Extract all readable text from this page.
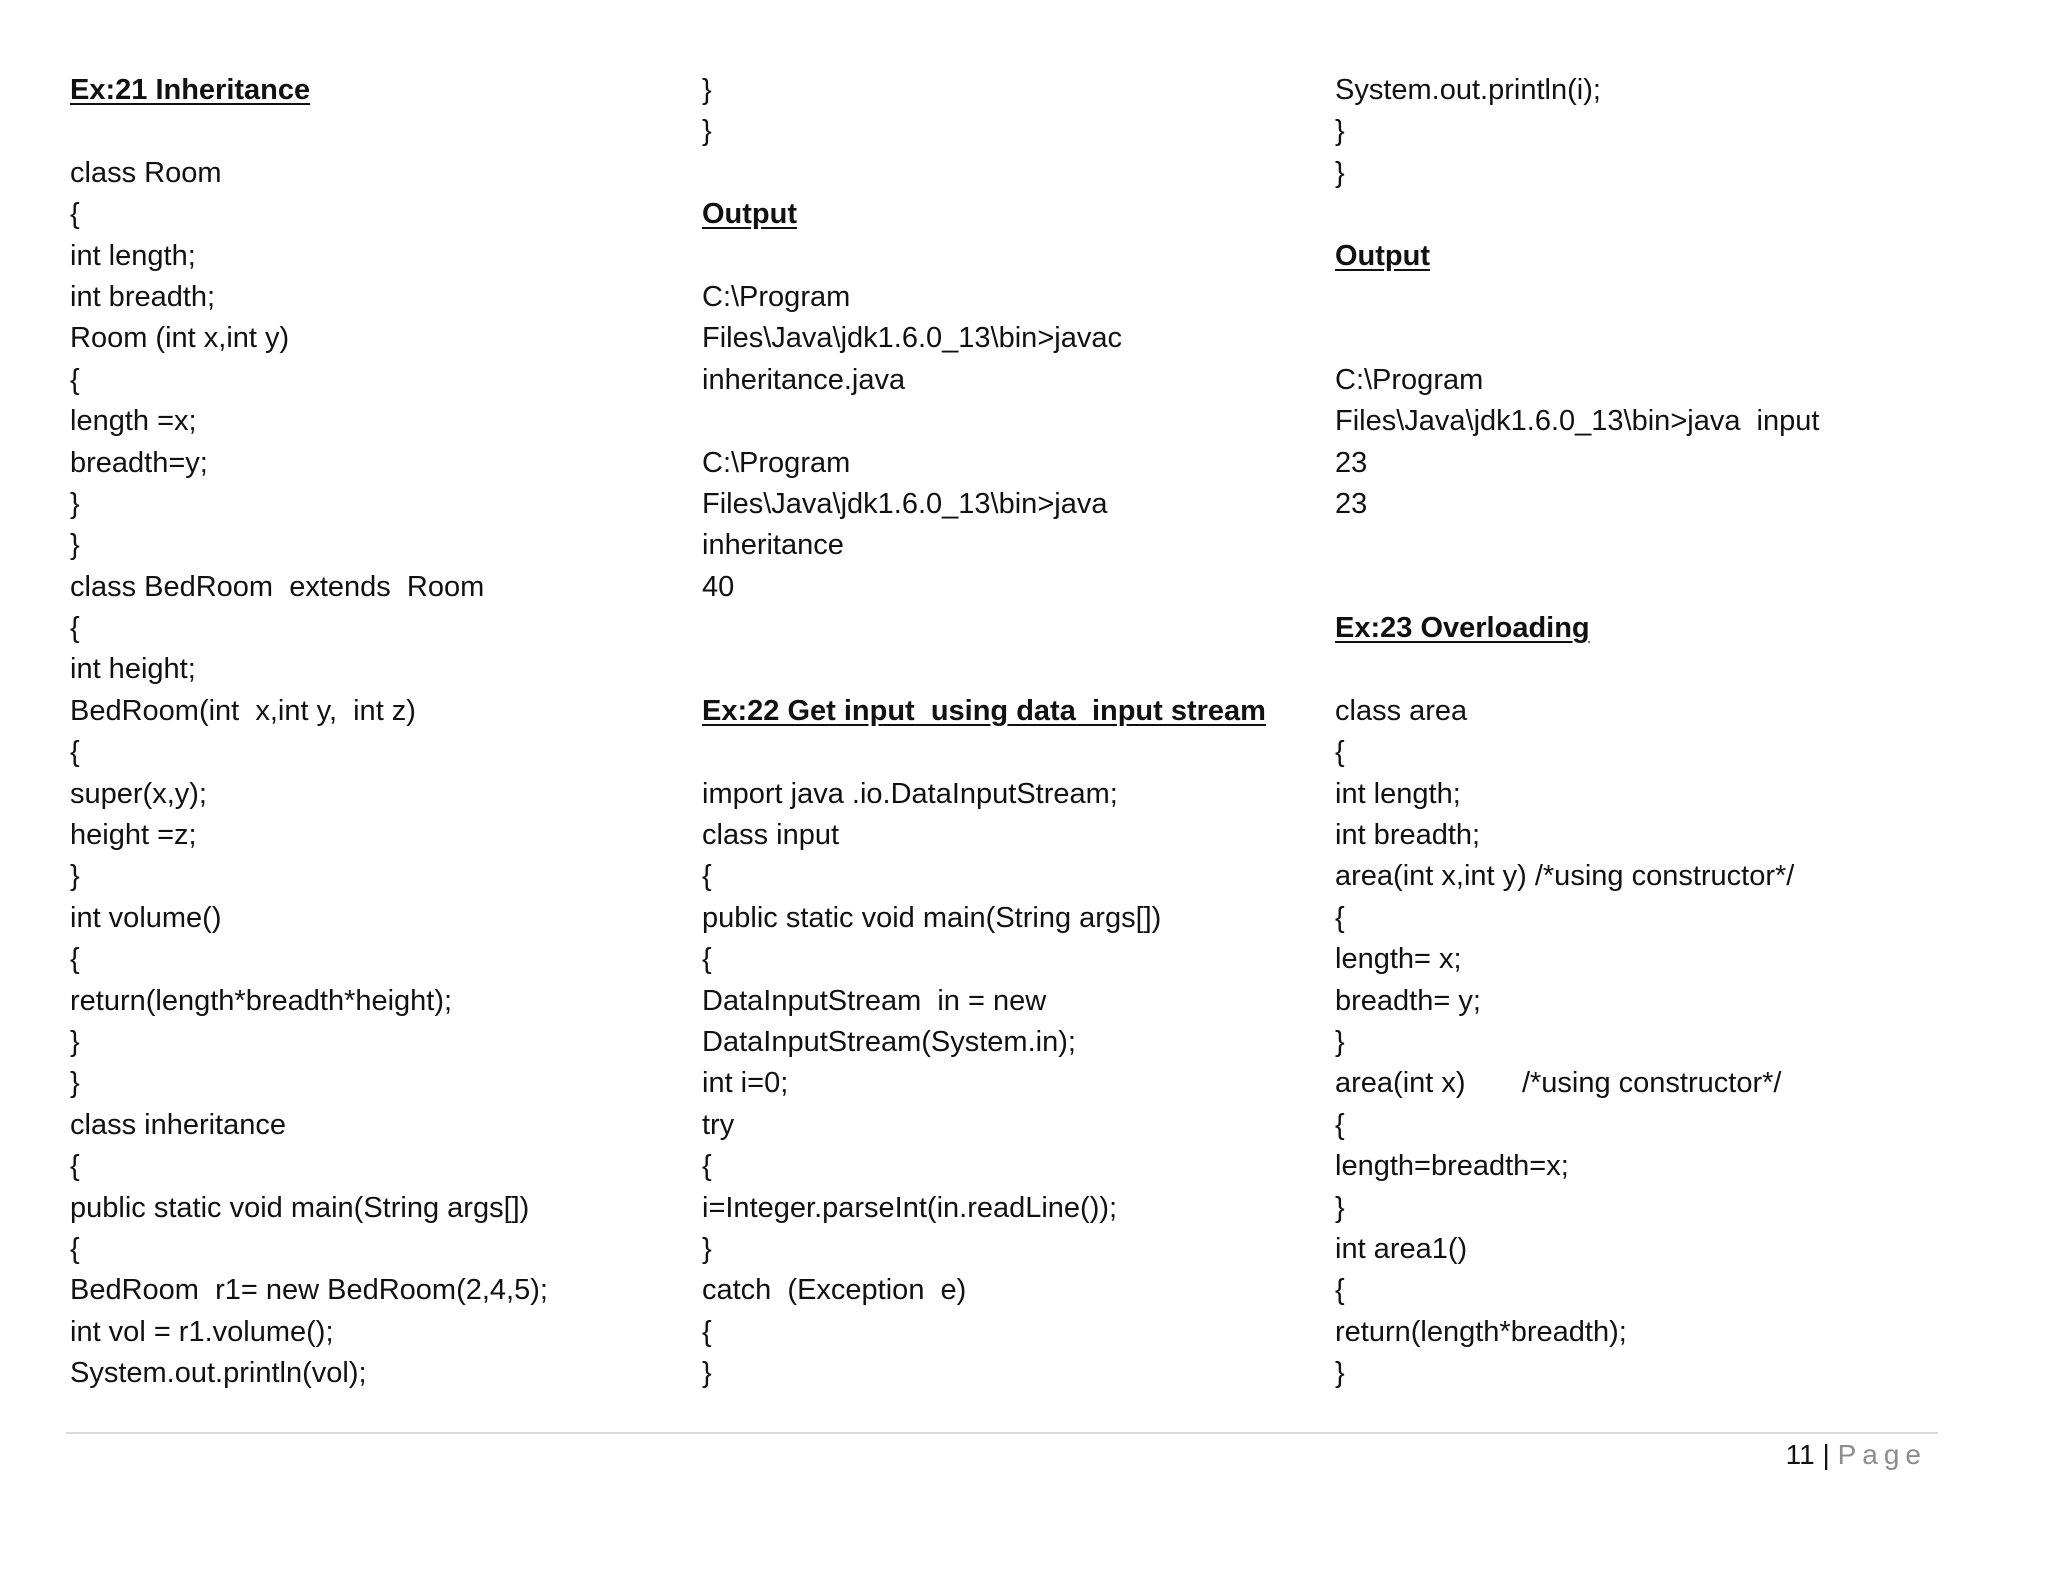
Ex:21 Inheritance
class Room
{
int length;
int breadth;
Room (int x,int y)
{
length =x;
breadth=y;
}
}
class BedRoom  extends  Room
{
int height;
BedRoom(int  x,int y,  int z)
{
super(x,y);
height =z;
}
int volume()
{
return(length*breadth*height);
}
}
class inheritance
{
public static void main(String args[])
{
BedRoom  r1= new BedRoom(2,4,5);
int vol = r1.volume();
System.out.println(vol);
}
}
Output
C:\Program
Files\Java\jdk1.6.0_13\bin>javac
inheritance.java
C:\Program
Files\Java\jdk1.6.0_13\bin>java
inheritance
40
Ex:22 Get input  using data  input stream
import java .io.DataInputStream;
class input
{
public static void main(String args[])
{
DataInputStream  in = new
DataInputStream(System.in);
int i=0;
try
{
i=Integer.parseInt(in.readLine());
}
catch  (Exception  e)
{
}
System.out.println(i);
}
}
Output
C:\Program
Files\Java\jdk1.6.0_13\bin>java  input
23
23
Ex:23 Overloading
class area
{
int length;
int breadth;
area(int x,int y) /*using constructor*/
{
length= x;
breadth= y;
}
area(int x)       /*using constructor*/
{
length=breadth=x;
}
int area1()
{
return(length*breadth);
}
11 | Page
